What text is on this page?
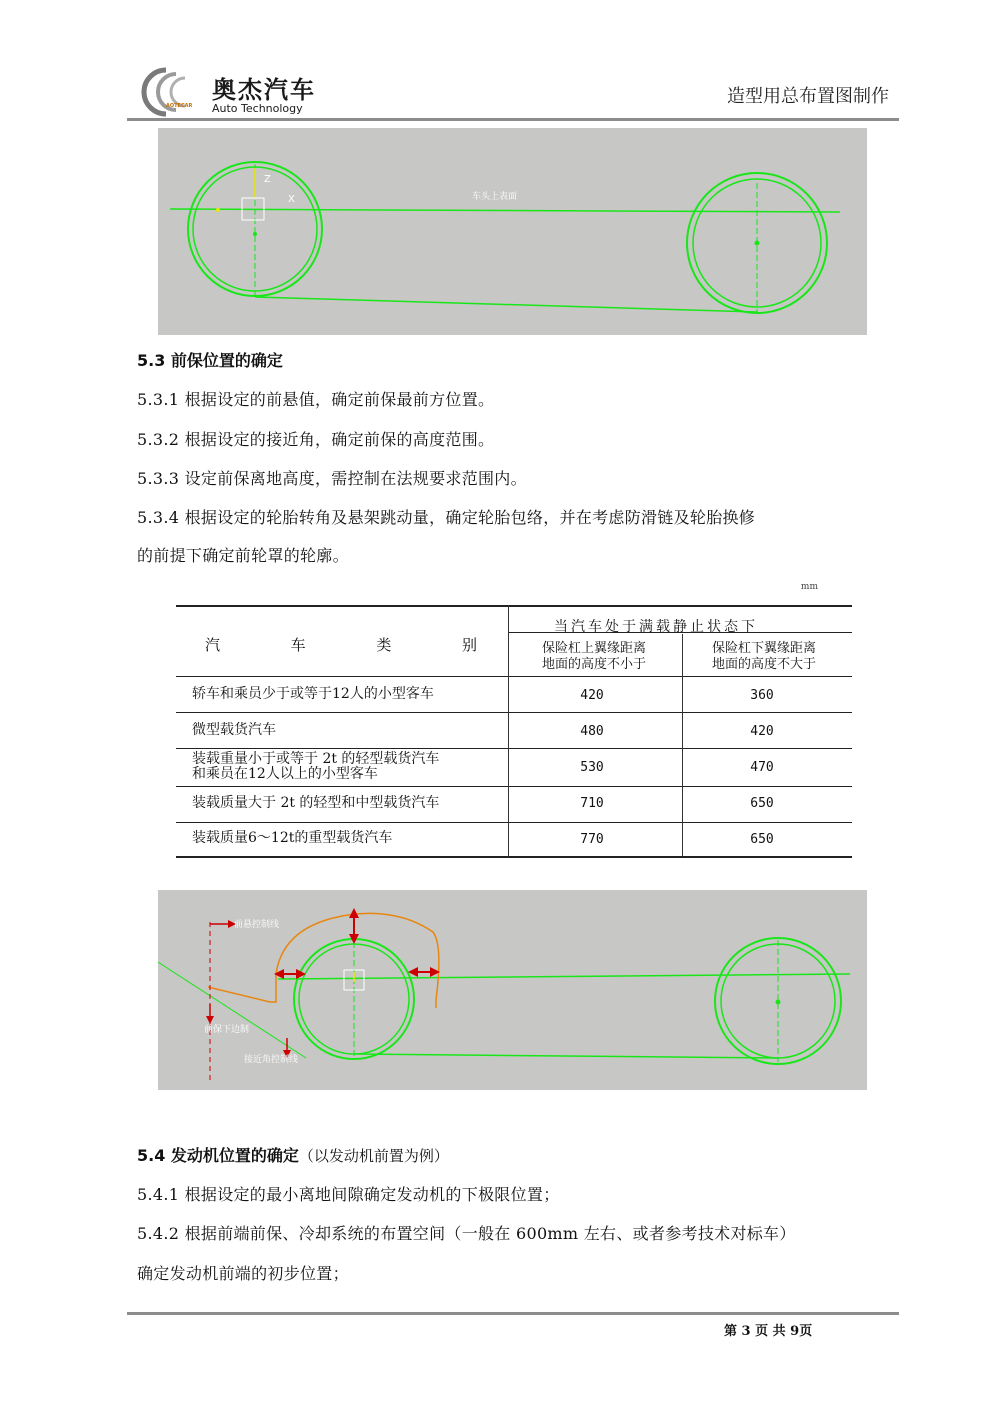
奥杰汽车
Auto Technology
AOTECAR	造型用总布置图制作
Z
X	车头上表面
5.3 前保位置的确定
5.3.1 根据设定的前悬值，确定前保最前方位置。
5.3.2 根据设定的接近角，确定前保的高度范围。
5.3.3 设定前保离地高度，需控制在法规要求范围内。
5.3.4 根据设定的轮胎转角及悬架跳动量，确定轮胎包络，并在考虑防滑链及轮胎换修
的前提下确定前轮罩的轮廓。
mm
汽	车	类	别
当汽车处于满载静止状态下
保险杠上翼缘距离
地面的高度不小于
保险杠下翼缘距离
地面的高度不大于
轿车和乘员少于或等于12人的小型客车	420	360
微型载货汽车	480	420
装载重量小于或等于 2t 的轻型载货汽车
和乘员在12人以上的小型客车	530	470
装载质量大于 2t 的轻型和中型载货汽车	710	650
装载质量6～12t的重型载货汽车	770	650
前悬控制线
前保下边制
接近角控制线
5.4 发动机位置的确定（以发动机前置为例）
5.4.1 根据设定的最小离地间隙确定发动机的下极限位置；
5.4.2 根据前端前保、冷却系统的布置空间（一般在 600mm 左右、或者参考技术对标车）
确定发动机前端的初步位置；
第 3 页 共 9页
